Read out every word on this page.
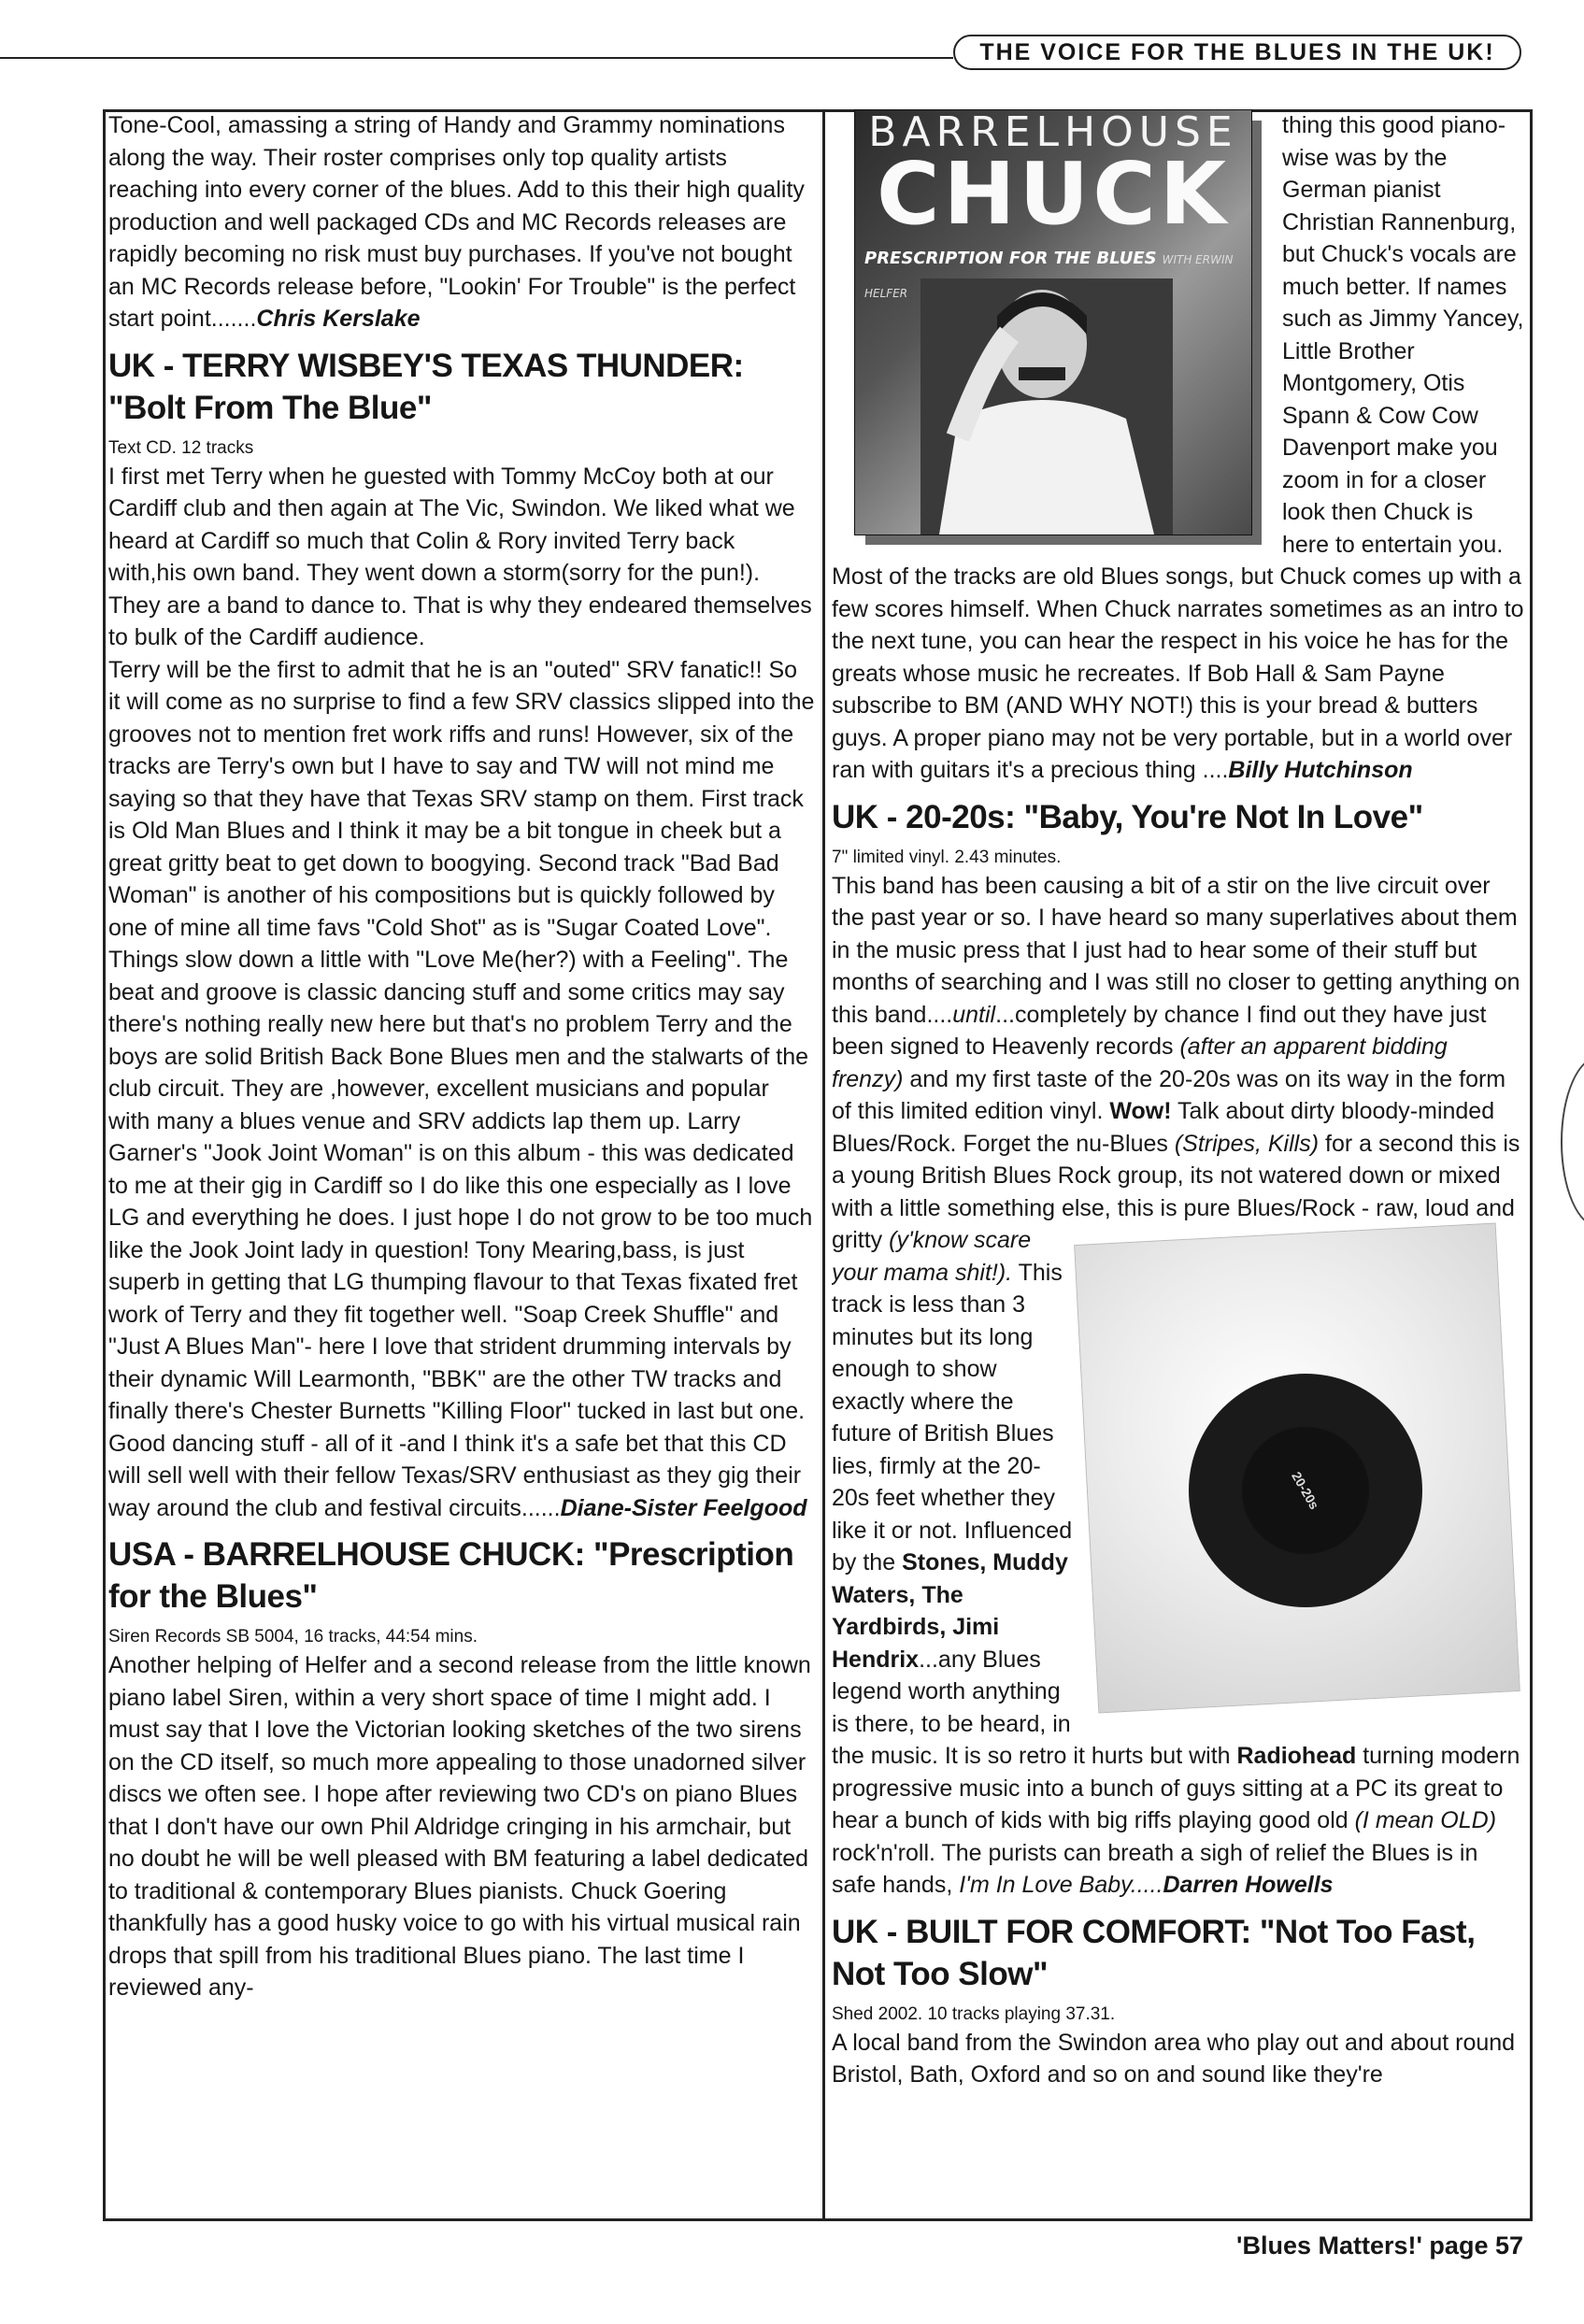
THE VOICE FOR THE BLUES IN THE UK!

Tone-Cool, amassing a string of Handy and Grammy nominations along the way. Their roster comprises only top quality artists reaching into every corner of the blues. Add to this their high quality production and well packaged CDs and MC Records releases are rapidly becoming no risk must buy purchases. If you've not bought an MC Records release before, "Lookin' For Trouble" is the perfect start point.......Chris Kerslake

UK - TERRY WISBEY'S TEXAS THUNDER: "Bolt From The Blue"

Text CD. 12 tracks

I first met Terry when he guested with Tommy McCoy both at our Cardiff club and then again at The Vic, Swindon. We liked what we heard at Cardiff so much that Colin & Rory invited Terry back with,his own band. They went down a storm(sorry for the pun!). They are a band to dance to. That is why they endeared themselves to bulk of the Cardiff audience.

Terry will be the first to admit that he is an "outed" SRV fanatic!! So it will come as no surprise to find a few SRV classics slipped into the grooves not to mention fret work riffs and runs! However, six of the tracks are Terry's own but I have to say and TW will not mind me saying so that they have that Texas SRV stamp on them. First track is Old Man Blues and I think it may be a bit tongue in cheek but a great gritty beat to get down to boogying. Second track "Bad Bad Woman" is another of his compositions but is quickly followed by one of mine all time favs "Cold Shot" as is "Sugar Coated Love". Things slow down a little with "Love Me(her?) with a Feeling". The beat and groove is classic dancing stuff and some critics may say there's nothing really new here but that's no problem Terry and the boys are solid British Back Bone Blues men and the stalwarts of the club circuit. They are ,however, excellent musicians and popular with many a blues venue and SRV addicts lap them up. Larry Garner's "Jook Joint Woman" is on this album - this was dedicated to me at their gig in Cardiff so I do like this one especially as I love LG and everything he does. I just hope I do not grow to be too much like the Jook Joint lady in question! Tony Mearing,bass, is just superb in getting that LG thumping flavour to that Texas fixated fret work of Terry and they fit together well. "Soap Creek Shuffle" and "Just A Blues Man"- here I love that strident drumming intervals by their dynamic Will Learmonth, "BBK" are the other TW tracks and finally there's Chester Burnetts "Killing Floor" tucked in last but one.

Good dancing stuff - all of it -and I think it's a safe bet that this CD will sell well with their fellow Texas/SRV enthusiast as they gig their way around the club and festival circuits......Diane-Sister Feelgood

USA - BARRELHOUSE CHUCK: "Prescription for the Blues"

Siren Records SB 5004, 16 tracks, 44:54 mins.

Another helping of Helfer and a second release from the little known piano label Siren, within a very short space of time I might add. I must say that I love the Victorian looking sketches of the two sirens on the CD itself, so much more appealing to those unadorned silver discs we often see. I hope after reviewing two CD's on piano Blues that I don't have our own Phil Aldridge cringing in his armchair, but no doubt he will be well pleased with BM featuring a label dedicated to traditional & contemporary Blues pianists. Chuck Goering thankfully has a good husky voice to go with his virtual musical rain drops that spill from his traditional Blues piano. The last time I reviewed any-

BARRELHOUSE
CHUCK
PRESCRIPTION FOR THE BLUES WITH ERWIN HELFER

thing this good piano-wise was by the German pianist Christian Rannenburg, but Chuck's vocals are much better. If names such as Jimmy Yancey, Little Brother Montgomery, Otis Spann & Cow Cow Davenport make you zoom in for a closer look then Chuck is here to entertain you. Most of the tracks are old Blues songs, but Chuck comes up with a few scores himself. When Chuck narrates sometimes as an intro to the next tune, you can hear the respect in his voice he has for the greats whose music he recreates. If Bob Hall & Sam Payne subscribe to BM (AND WHY NOT!) this is your bread & butters guys. A proper piano may not be very portable, but in a world over ran with guitars it's a precious thing ....Billy Hutchinson

UK - 20-20s: "Baby, You're Not In Love"

7" limited vinyl. 2.43 minutes.

This band has been causing a bit of a stir on the live circuit over the past year or so. I have heard so many superlatives about them in the music press that I just had to hear some of their stuff but months of searching and I was still no closer to getting anything on this band....until...completely by chance I find out they have just been signed to Heavenly records (after an apparent bidding frenzy) and my first taste of the 20-20s was on its way in the form of this limited edition vinyl. Wow! Talk about dirty bloody-minded Blues/Rock. Forget the nu-Blues (Stripes, Kills) for a second this is a young British Blues Rock group, its not watered down or mixed with a little something else, this is pure Blues/Rock - raw, loud and gritty
20-20s
(y'know scare your mama shit!). This track is less than 3 minutes but its long enough to show exactly where the future of British Blues lies, firmly at the 20-20s feet whether they like it or not. Influenced by the Stones, Muddy Waters, The Yardbirds, Jimi Hendrix...any Blues legend worth anything is there, to be heard, in the music. It is so retro it hurts but with Radiohead turning modern progressive music into a bunch of guys sitting at a PC its great to hear a bunch of kids with big riffs playing good old (I mean OLD) rock'n'roll. The purists can breath a sigh of relief the Blues is in safe hands, I'm In Love Baby.....Darren Howells

UK - BUILT FOR COMFORT: "Not Too Fast, Not Too Slow"

Shed 2002. 10 tracks playing 37.31.

A local band from the Swindon area who play out and about round Bristol, Bath, Oxford and so on and sound like they're

'Blues Matters!' page 57
